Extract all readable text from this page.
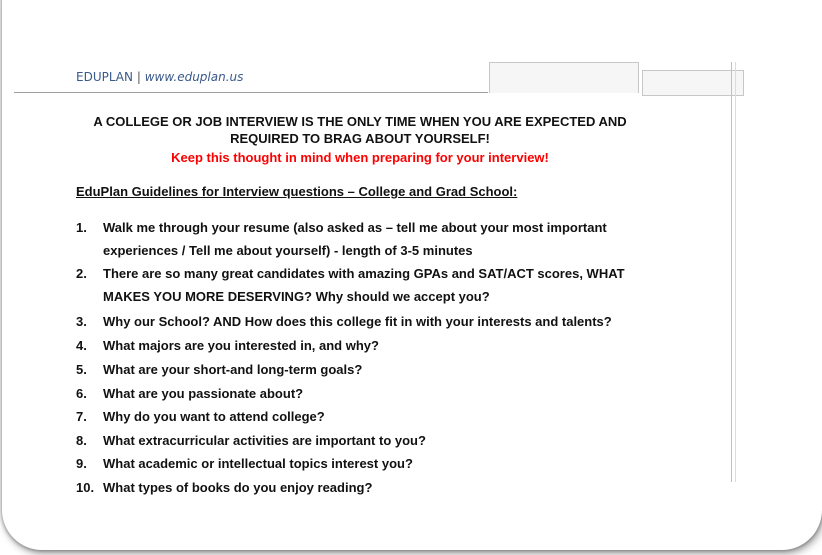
EDUPLAN | www.eduplan.us
A COLLEGE OR JOB INTERVIEW IS THE ONLY TIME WHEN YOU ARE EXPECTED AND
REQUIRED TO BRAG ABOUT YOURSELF!
Keep this thought in mind when preparing for your interview!
EduPlan Guidelines for Interview questions – College and Grad School:
1. Walk me through your resume (also asked as – tell me about your most important
experiences / Tell me about yourself) - length of 3-5 minutes
2. There are so many great candidates with amazing GPAs and SAT/ACT scores, WHAT
MAKES YOU MORE DESERVING? Why should we accept you?
3. Why our School? AND How does this college fit in with your interests and talents?
4. What majors are you interested in, and why?
5. What are your short-and long-term goals?
6. What are you passionate about?
7. Why do you want to attend college?
8. What extracurricular activities are important to you?
9. What academic or intellectual topics interest you?
10. What types of books do you enjoy reading?
